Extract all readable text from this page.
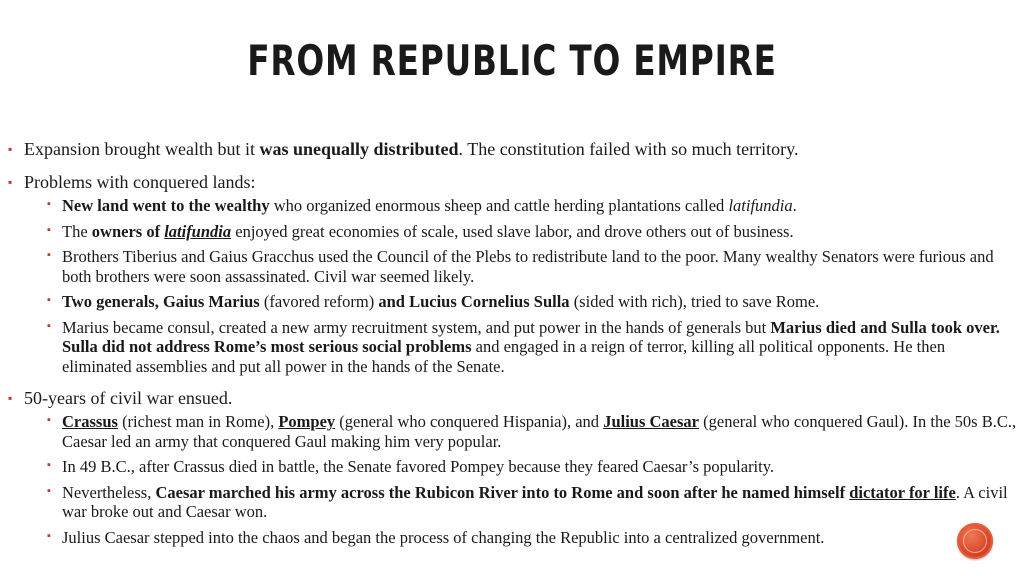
FROM REPUBLIC TO EMPIRE
▪ Expansion brought wealth but it was unequally distributed. The constitution failed with so much territory.
▪ Problems with conquered lands:
▪ New land went to the wealthy who organized enormous sheep and cattle herding plantations called latifundia.
▪ The owners of latifundia enjoyed great economies of scale, used slave labor, and drove others out of business.
▪ Brothers Tiberius and Gaius Gracchus used the Council of the Plebs to redistribute land to the poor. Many wealthy Senators were furious and both brothers were soon assassinated. Civil war seemed likely.
▪ Two generals, Gaius Marius (favored reform) and Lucius Cornelius Sulla (sided with rich), tried to save Rome.
▪ Marius became consul, created a new army recruitment system, and put power in the hands of generals but Marius died and Sulla took over. Sulla did not address Rome’s most serious social problems and engaged in a reign of terror, killing all political opponents. He then eliminated assemblies and put all power in the hands of the Senate.
▪ 50-years of civil war ensued.
▪ Crassus (richest man in Rome), Pompey (general who conquered Hispania), and Julius Caesar (general who conquered Gaul). In the 50s B.C., Caesar led an army that conquered Gaul making him very popular.
▪ In 49 B.C., after Crassus died in battle, the Senate favored Pompey because they feared Caesar’s popularity.
▪ Nevertheless, Caesar marched his army across the Rubicon River into to Rome and soon after he named himself dictator for life. A civil war broke out and Caesar won.
▪ Julius Caesar stepped into the chaos and began the process of changing the Republic into a centralized government.
